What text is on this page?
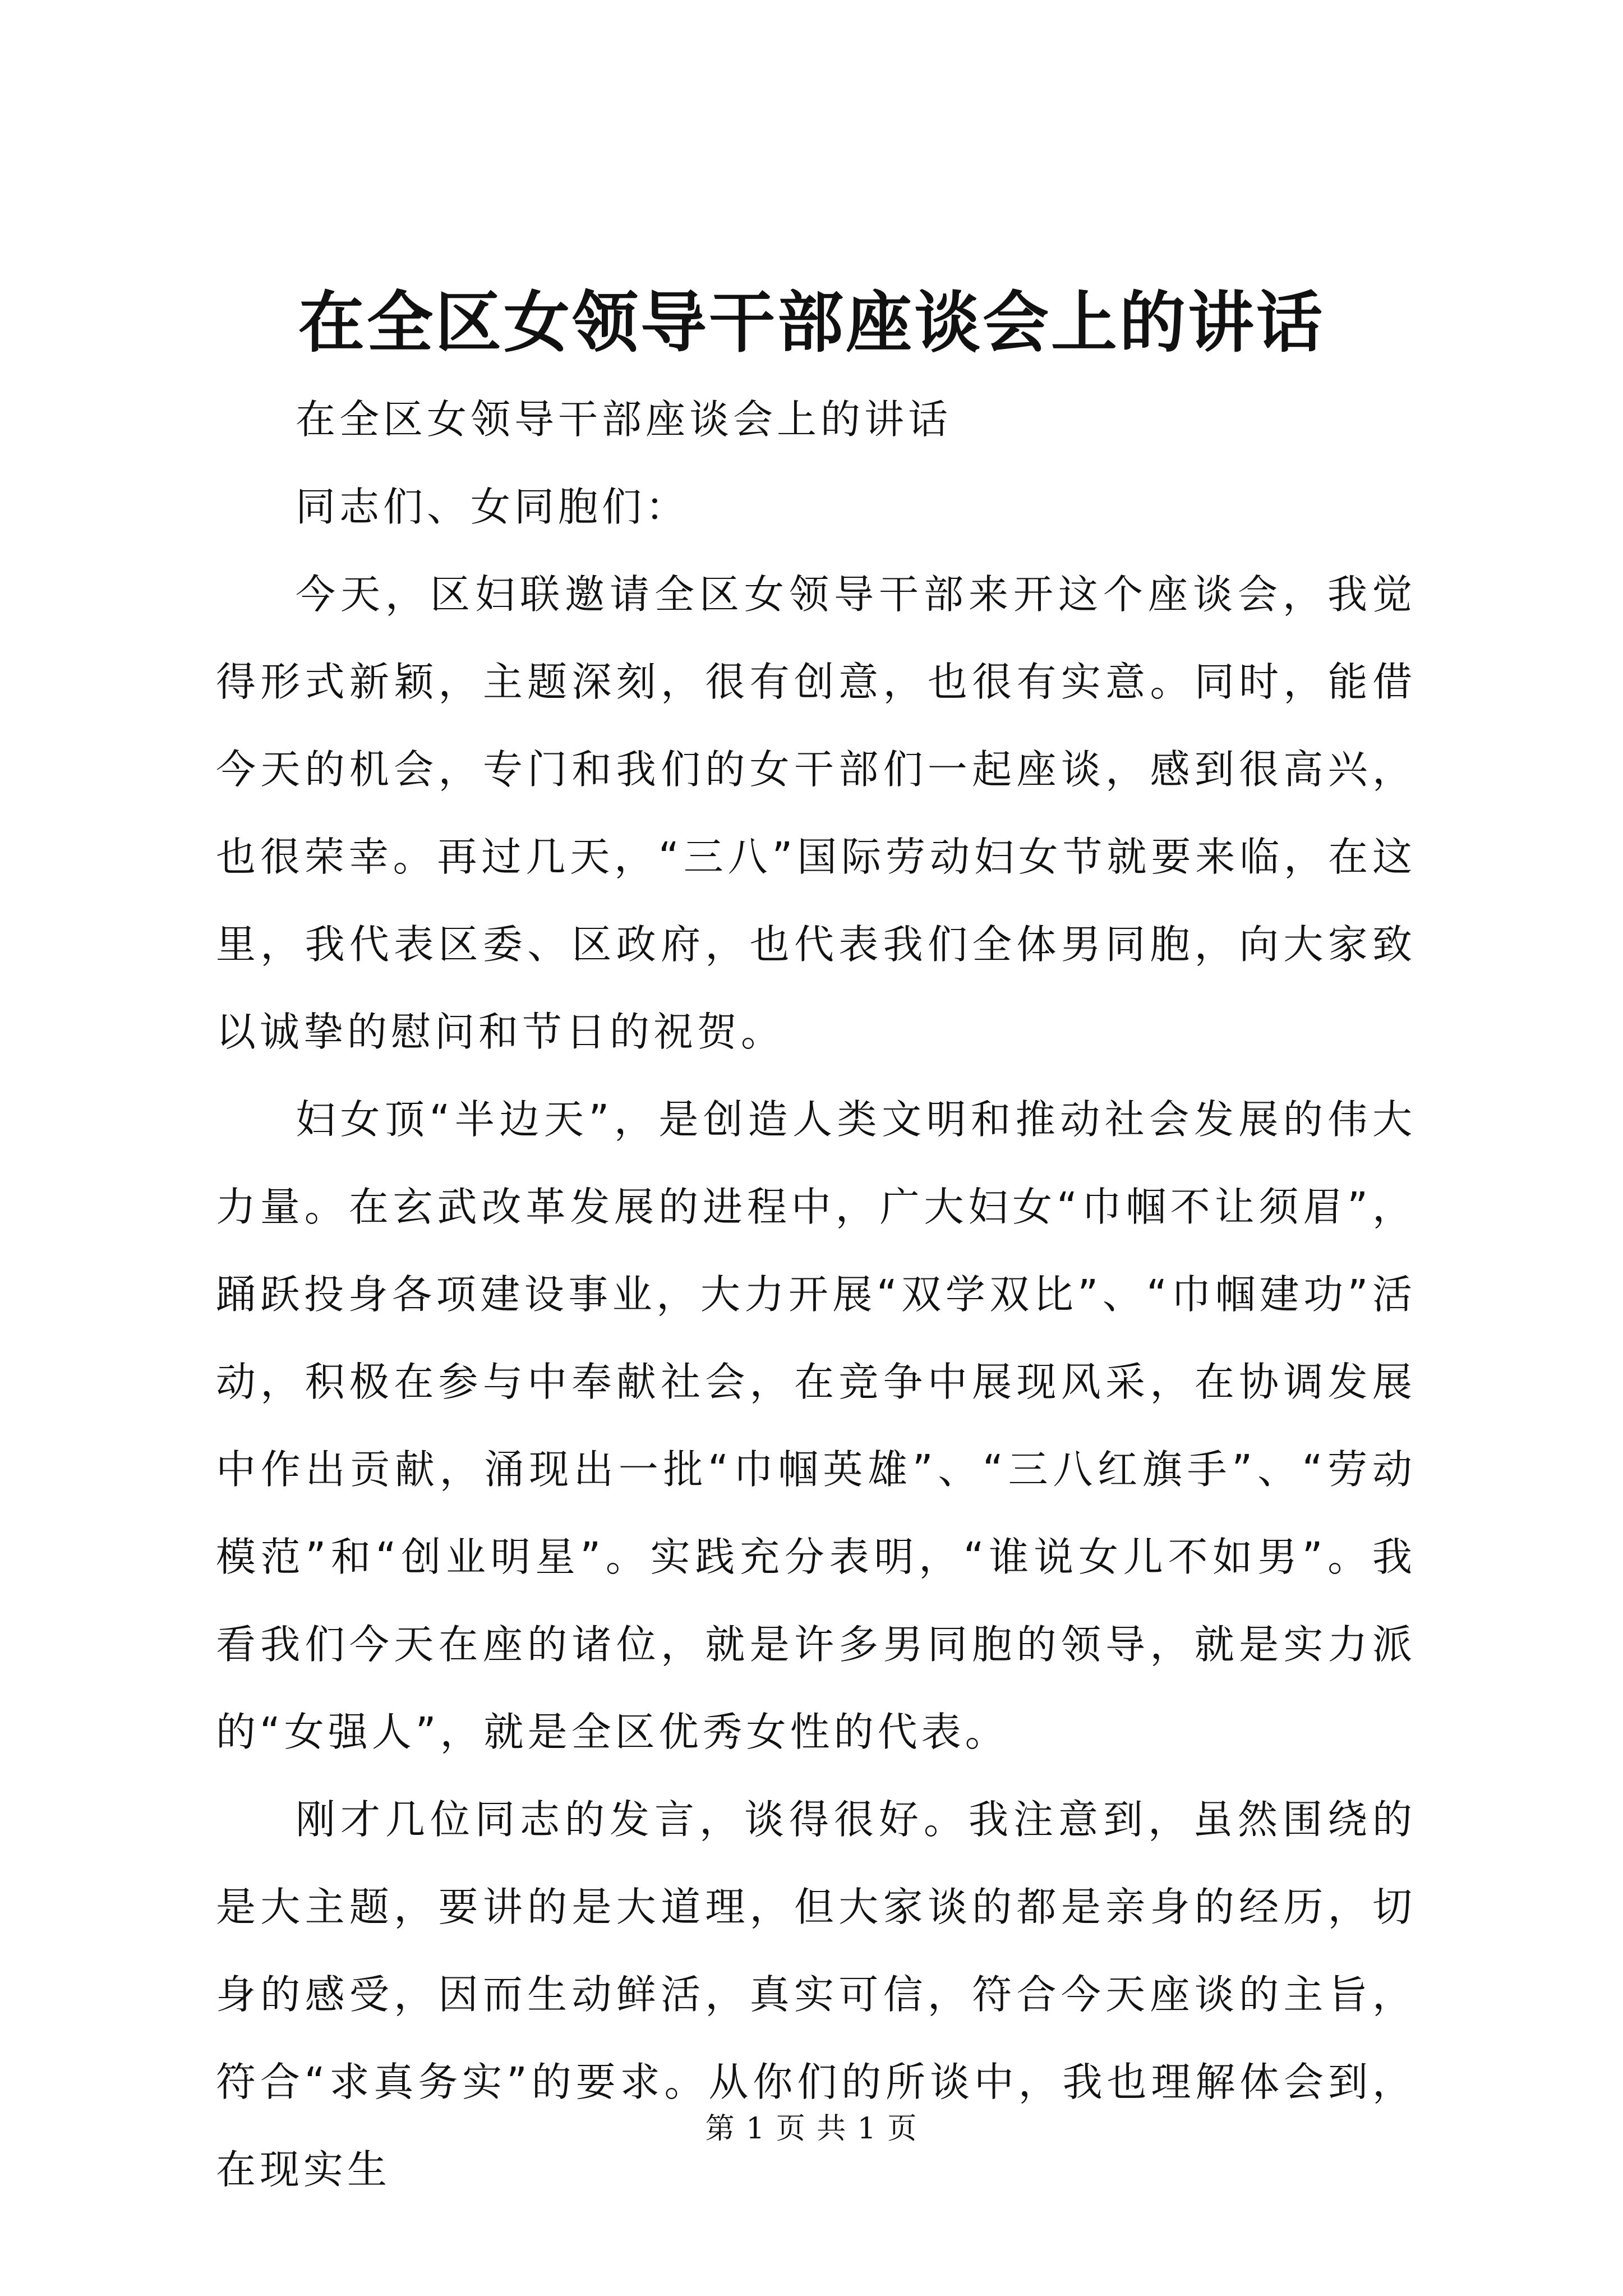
在全区女领导干部座谈会上的讲话

在全区女领导干部座谈会上的讲话

同志们、女同胞们：

今天，区妇联邀请全区女领导干部来开这个座谈会，我觉得形式新颖，主题深刻，很有创意，也很有实意。同时，能借今天的机会，专门和我们的女干部们一起座谈，感到很高兴，也很荣幸。再过几天，“三八”国际劳动妇女节就要来临，在这里，我代表区委、区政府，也代表我们全体男同胞，向大家致以诚挚的慰问和节日的祝贺。

妇女顶“半边天”，是创造人类文明和推动社会发展的伟大力量。在玄武改革发展的进程中，广大妇女“巾帼不让须眉”，踊跃投身各项建设事业，大力开展“双学双比”、“巾帼建功”活动，积极在参与中奉献社会，在竞争中展现风采，在协调发展中作出贡献，涌现出一批“巾帼英雄”、“三八红旗手”、“劳动模范”和“创业明星”。实践充分表明，“谁说女儿不如男”。我看我们今天在座的诸位，就是许多男同胞的领导，就是实力派的“女强人”，就是全区优秀女性的代表。

刚才几位同志的发言，谈得很好。我注意到，虽然围绕的是大主题，要讲的是大道理，但大家谈的都是亲身的经历，切身的感受，因而生动鲜活，真实可信，符合今天座谈的主旨，符合“求真务实”的要求。从你们的所谈中，我也理解体会到，在现实生

第 1 页 共 1 页
